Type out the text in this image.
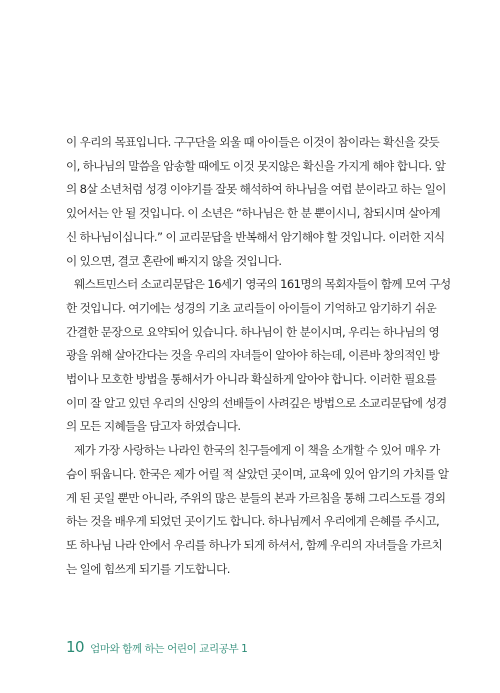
이 우리의 목표입니다. 구구단을 외울 때 아이들은 이것이 참이라는 확신을 갖듯

이, 하나님의 말씀을 암송할 때에도 이것 못지않은 확신을 가지게 해야 합니다. 앞

의 8살 소년처럼 성경 이야기를 잘못 해석하여 하나님을 여럽 분이라고 하는 일이

있어서는 안 될 것입니다. 이 소년은 “하나님은 한 분 뿐이시니, 참되시며 살아계

신 하나님이십니다.” 이 교리문답을 반복해서 암기해야 할 것입니다. 이러한 지식

이 있으면, 결코 혼란에 빠지지 않을 것입니다.

웨스트민스터 소교리문답은 16세기 영국의 161명의 목회자들이 함께 모여 구성

한 것입니다. 여기에는 성경의 기초 교리들이 아이들이 기억하고 암기하기 쉬운

간결한 문장으로 요약되어 있습니다. 하나님이 한 분이시며, 우리는 하나님의 영

광을 위해 살아간다는 것을 우리의 자녀들이 알아야 하는데, 이른바 창의적인 방

법이나 모호한 방법을 통해서가 아니라 확실하게 알아야 합니다. 이러한 필요를

이미 잘 알고 있던 우리의 신앙의 선배들이 사려깊은 방법으로 소교리문답에 성경

의 모든 지혜들을 담고자 하였습니다.

제가 가장 사랑하는 나라인 한국의 친구들에게 이 책을 소개할 수 있어 매우 가

슴이 뛰웁니다. 한국은 제가 어릴 적 살았던 곳이며, 교육에 있어 암기의 가치를 알

게 된 곳일 뿐만 아니라, 주위의 많은 분들의 본과 가르침을 통해 그리스도를 경외

하는 것을 배우게 되었던 곳이기도 합니다. 하나님께서 우리에게 은혜를 주시고,

또 하나님 나라 안에서 우리를 하나가 되게 하셔서, 함께 우리의 자녀들을 가르치

는 일에 힘쓰게 되기를 기도합니다.

10 엄마와 함께 하는 어린이 교리공부 1
